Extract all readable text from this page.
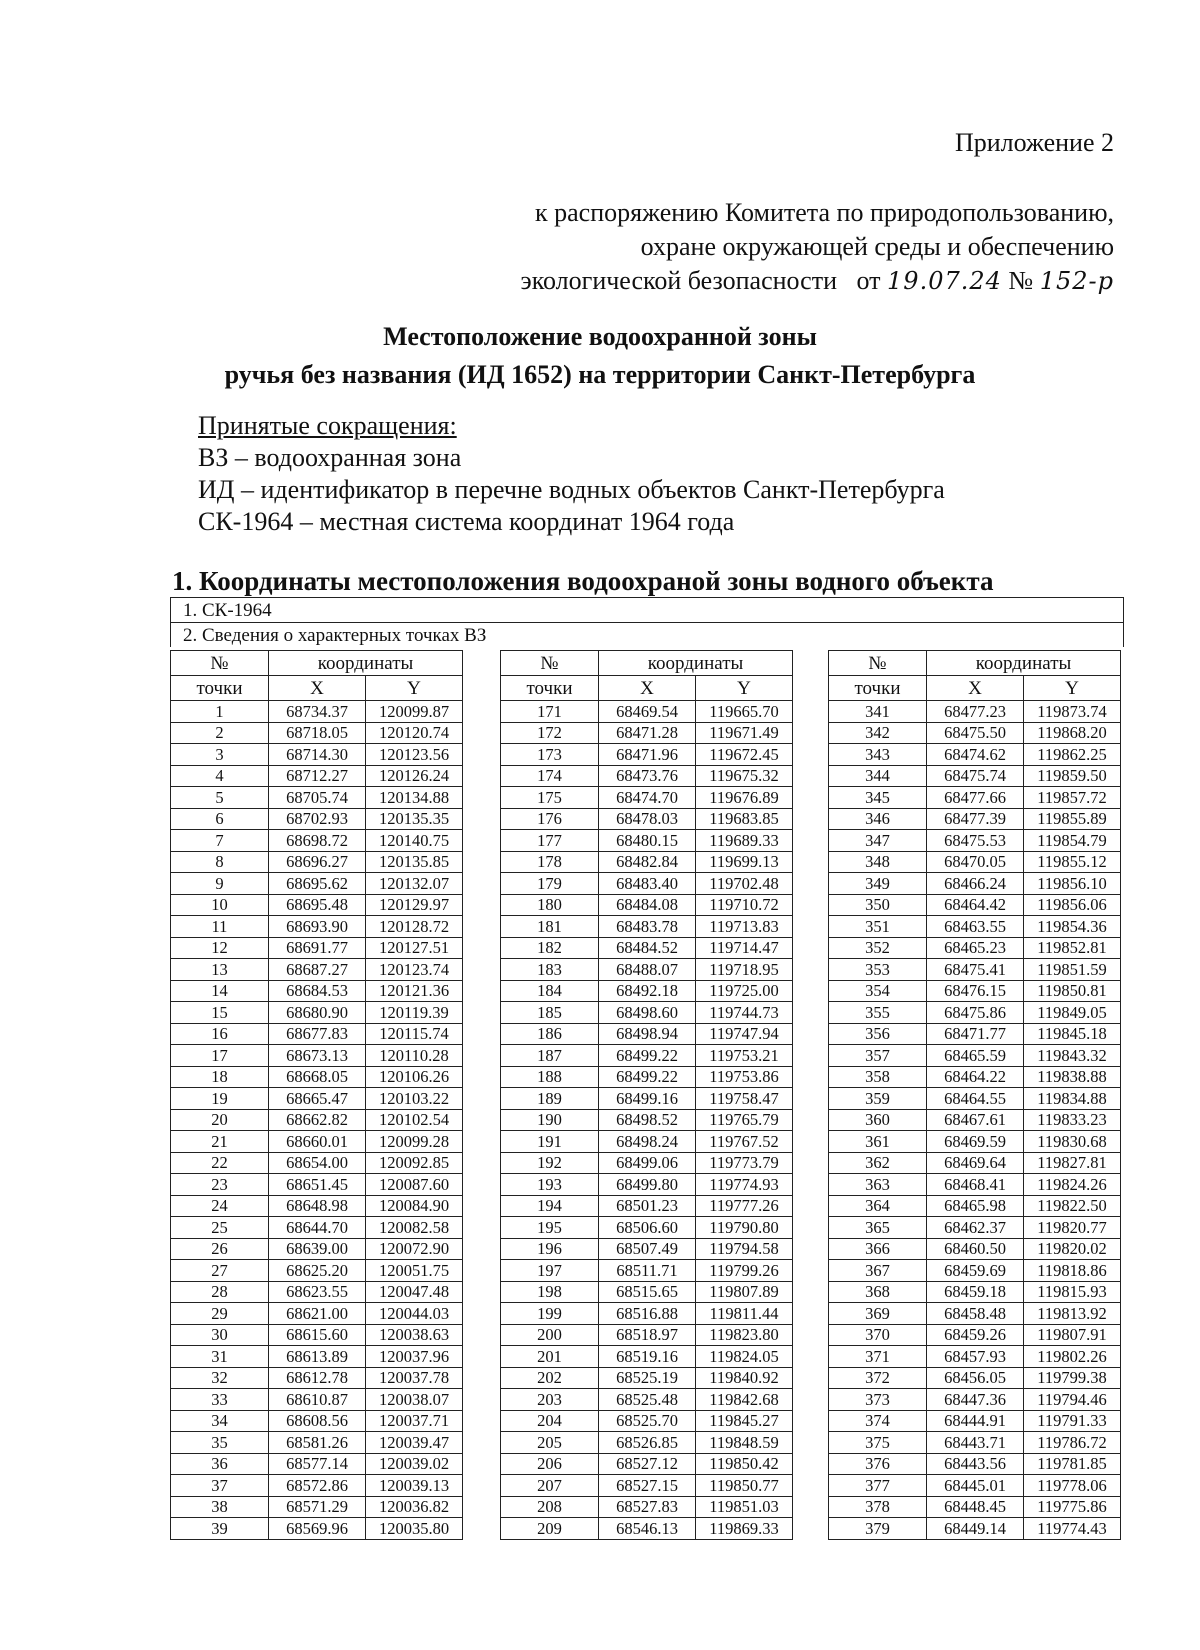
Приложение 2
к распоряжению Комитета по природопользованию,
охране окружающей среды и обеспечению
экологической безопасности от 19.07.24 № 152-р
Местоположение водоохранной зоны
ручья без названия (ИД 1652) на территории Санкт-Петербурга
Принятые сокращения:
ВЗ – водоохранная зона
ИД – идентификатор в перечне водных объектов Санкт-Петербурга
СК-1964 – местная система координат 1964 года
1. Координаты местоположения водоохраной зоны водного объекта
1. СК-1964
2. Сведения о характерных точках ВЗ
№	координаты	
точки	X	Y
1	68734.37	120099.87
2	68718.05	120120.74
3	68714.30	120123.56
4	68712.27	120126.24
5	68705.74	120134.88
6	68702.93	120135.35
7	68698.72	120140.75
8	68696.27	120135.85
9	68695.62	120132.07
10	68695.48	120129.97
11	68693.90	120128.72
12	68691.77	120127.51
13	68687.27	120123.74
14	68684.53	120121.36
15	68680.90	120119.39
16	68677.83	120115.74
17	68673.13	120110.28
18	68668.05	120106.26
19	68665.47	120103.22
20	68662.82	120102.54
21	68660.01	120099.28
22	68654.00	120092.85
23	68651.45	120087.60
24	68648.98	120084.90
25	68644.70	120082.58
26	68639.00	120072.90
27	68625.20	120051.75
28	68623.55	120047.48
29	68621.00	120044.03
30	68615.60	120038.63
31	68613.89	120037.96
32	68612.78	120037.78
33	68610.87	120038.07
34	68608.56	120037.71
35	68581.26	120039.47
36	68577.14	120039.02
37	68572.86	120039.13
38	68571.29	120036.82
39	68569.96	120035.80
№	координаты	
точки	X	Y
171	68469.54	119665.70
172	68471.28	119671.49
173	68471.96	119672.45
174	68473.76	119675.32
175	68474.70	119676.89
176	68478.03	119683.85
177	68480.15	119689.33
178	68482.84	119699.13
179	68483.40	119702.48
180	68484.08	119710.72
181	68483.78	119713.83
182	68484.52	119714.47
183	68488.07	119718.95
184	68492.18	119725.00
185	68498.60	119744.73
186	68498.94	119747.94
187	68499.22	119753.21
188	68499.22	119753.86
189	68499.16	119758.47
190	68498.52	119765.79
191	68498.24	119767.52
192	68499.06	119773.79
193	68499.80	119774.93
194	68501.23	119777.26
195	68506.60	119790.80
196	68507.49	119794.58
197	68511.71	119799.26
198	68515.65	119807.89
199	68516.88	119811.44
200	68518.97	119823.80
201	68519.16	119824.05
202	68525.19	119840.92
203	68525.48	119842.68
204	68525.70	119845.27
205	68526.85	119848.59
206	68527.12	119850.42
207	68527.15	119850.77
208	68527.83	119851.03
209	68546.13	119869.33
№	координаты	
точки	X	Y
341	68477.23	119873.74
342	68475.50	119868.20
343	68474.62	119862.25
344	68475.74	119859.50
345	68477.66	119857.72
346	68477.39	119855.89
347	68475.53	119854.79
348	68470.05	119855.12
349	68466.24	119856.10
350	68464.42	119856.06
351	68463.55	119854.36
352	68465.23	119852.81
353	68475.41	119851.59
354	68476.15	119850.81
355	68475.86	119849.05
356	68471.77	119845.18
357	68465.59	119843.32
358	68464.22	119838.88
359	68464.55	119834.88
360	68467.61	119833.23
361	68469.59	119830.68
362	68469.64	119827.81
363	68468.41	119824.26
364	68465.98	119822.50
365	68462.37	119820.77
366	68460.50	119820.02
367	68459.69	119818.86
368	68459.18	119815.93
369	68458.48	119813.92
370	68459.26	119807.91
371	68457.93	119802.26
372	68456.05	119799.38
373	68447.36	119794.46
374	68444.91	119791.33
375	68443.71	119786.72
376	68443.56	119781.85
377	68445.01	119778.06
378	68448.45	119775.86
379	68449.14	119774.43
